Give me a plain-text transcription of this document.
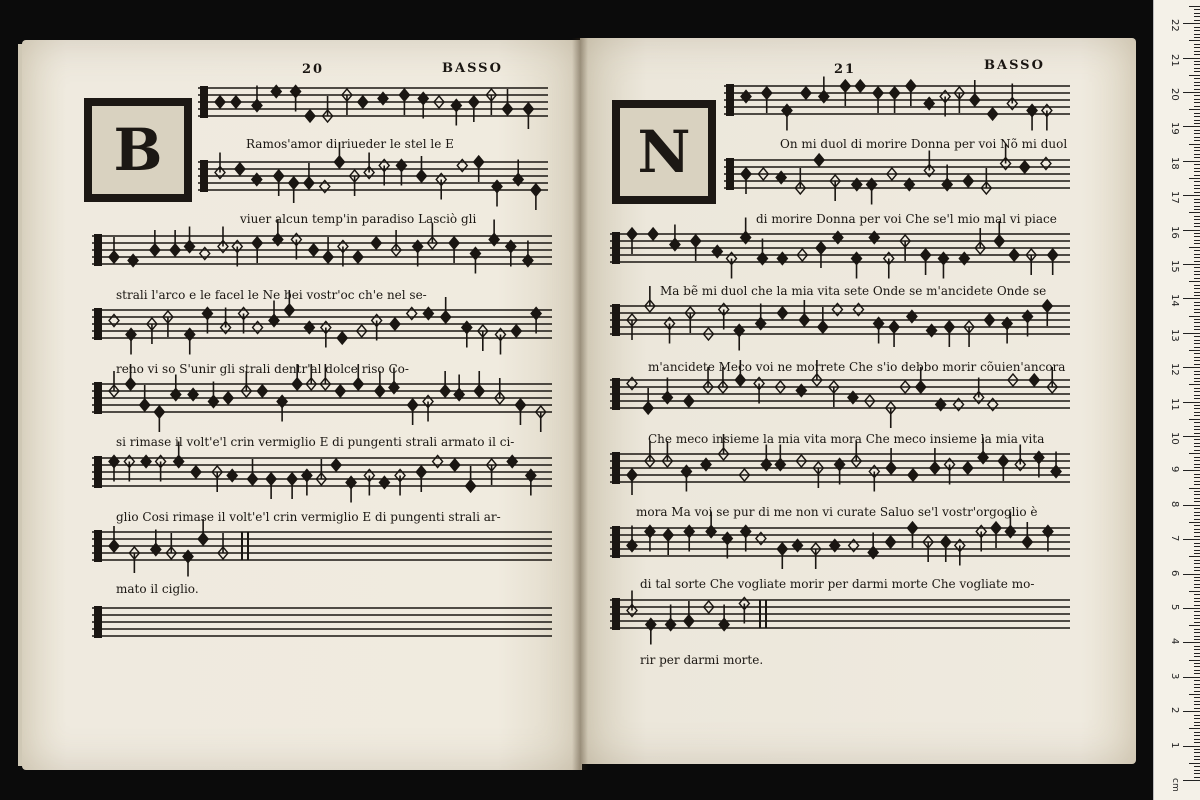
20	BASSO	21	BASSO
B	N
Ramos'amor di riueder le stel le E
viuer alcun temp'in paradiso Lasciò gli
strali l'arco e le facel le Ne bei vostr'oc ch'e nel se-
reno vi so S'unir gli strali dentr'al dolce riso Co-
si rimase il volt'e'l crin vermiglio E di pungenti strali armato il ci-
glio Cosi rimase il volt'e'l crin vermiglio E di pungenti strali ar-
mato il ciglio.
On mi duol di morire Donna per voi Nõ mi duol
di morire Donna per voi Che se'l mio mal vi piace
Ma bẽ mi duol che la mia vita sete Onde se m'ancidete Onde se
m'ancidete Meco voi ne morrete Che s'io debbo morir cõuien'ancora
Che meco insieme la mia vita mora Che meco insieme la mia vita
mora Ma voi se pur di me non vi curate Saluo se'l vostr'orgoglio è
di tal sorte Che vogliate morir per darmi morte Che vogliate mo-
rir per darmi morte.
1
2
3
4
5
6
7
8
9
10
11
12
13
14
15
16
17
18
19
20
21
22
cm
